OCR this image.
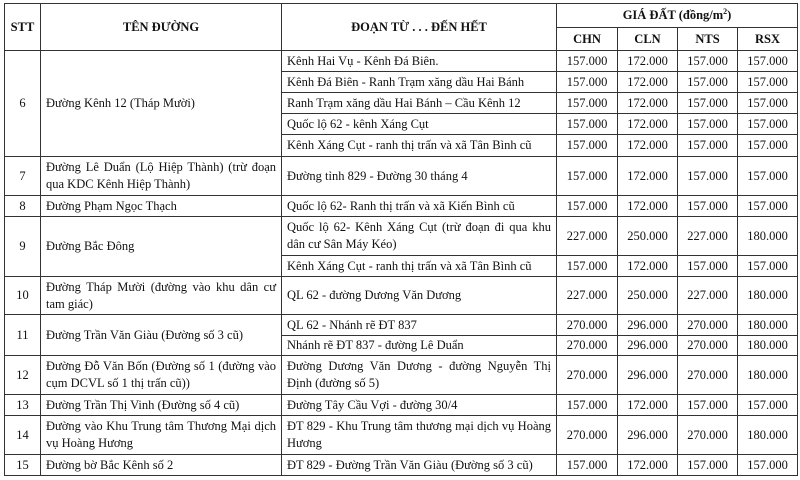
STT	TÊN ĐƯỜNG	ĐOẠN TỪ . . . ĐẾN HẾT	GIÁ ĐẤT $(đồng/m^2)$			
			CHN	CLN	NTS	RSX
6	Đường Kênh 12 (Tháp Mười)	Kênh Hai Vụ - Kênh Đá Biên.	157.000	172.000	157.000	157.000
		Kênh Đá Biên - Ranh Trạm xăng dầu Hai Bánh	157.000	172.000	157.000	157.000
		Ranh Trạm xăng dầu Hai Bánh – Cầu Kênh 12	157.000	172.000	157.000	157.000
		Quốc lộ 62 - kênh Xáng Cụt	157.000	172.000	157.000	157.000
		Kênh Xáng Cụt - ranh thị trấn và xã Tân Bình cũ	157.000	172.000	157.000	157.000
7	Đường Lê Duẩn (Lộ Hiệp Thành) (trừ đoạn qua KDC Kênh Hiệp Thành)	Đường tỉnh 829 - Đường 30 tháng 4	157.000	172.000	157.000	157.000
8	Đường Phạm Ngọc Thạch	Quốc lộ 62- Ranh thị trấn và xã Kiến Bình cũ	157.000	172.000	157.000	157.000
9	Đường Bắc Đông	Quốc lộ 62- Kênh Xáng Cụt (trừ đoạn đi qua khu dân cư Sân Máy Kéo)	227.000	250.000	227.000	180.000
		Kênh Xáng Cụt - ranh thị trấn và xã Tân Bình cũ	157.000	172.000	157.000	157.000
10	Đường Tháp Mười (đường vào khu dân cư tam giác)	QL 62 - đường Dương Văn Dương	227.000	250.000	227.000	180.000
11	Đường Trần Văn Giàu (Đường số 3 cũ)	QL 62 - Nhánh rẽ ĐT 837	270.000	296.000	270.000	180.000
		Nhánh rẽ ĐT 837 - đường Lê Duẩn	270.000	296.000	270.000	180.000
12	Đường Đỗ Văn Bốn (Đường số 1 (đường vào cụm DCVL số 1 thị trấn cũ))	Đường Dương Văn Dương - đường Nguyễn Thị Định (đường số 5)	270.000	296.000	270.000	180.000
13	Đường Trần Thị Vinh (Đường số 4 cũ)	Đường Tây Cầu Vợi - đường 30/4	157.000	172.000	157.000	157.000
14	Đường vào Khu Trung tâm Thương Mại dịch vụ Hoàng Hương	ĐT 829 - Khu Trung tâm thương mại dịch vụ Hoàng Hương	270.000	296.000	270.000	180.000
15	Đường bờ Bắc Kênh số 2	ĐT 829 - Đường Trần Văn Giàu (Đường số 3 cũ)	157.000	172.000	157.000	157.000
